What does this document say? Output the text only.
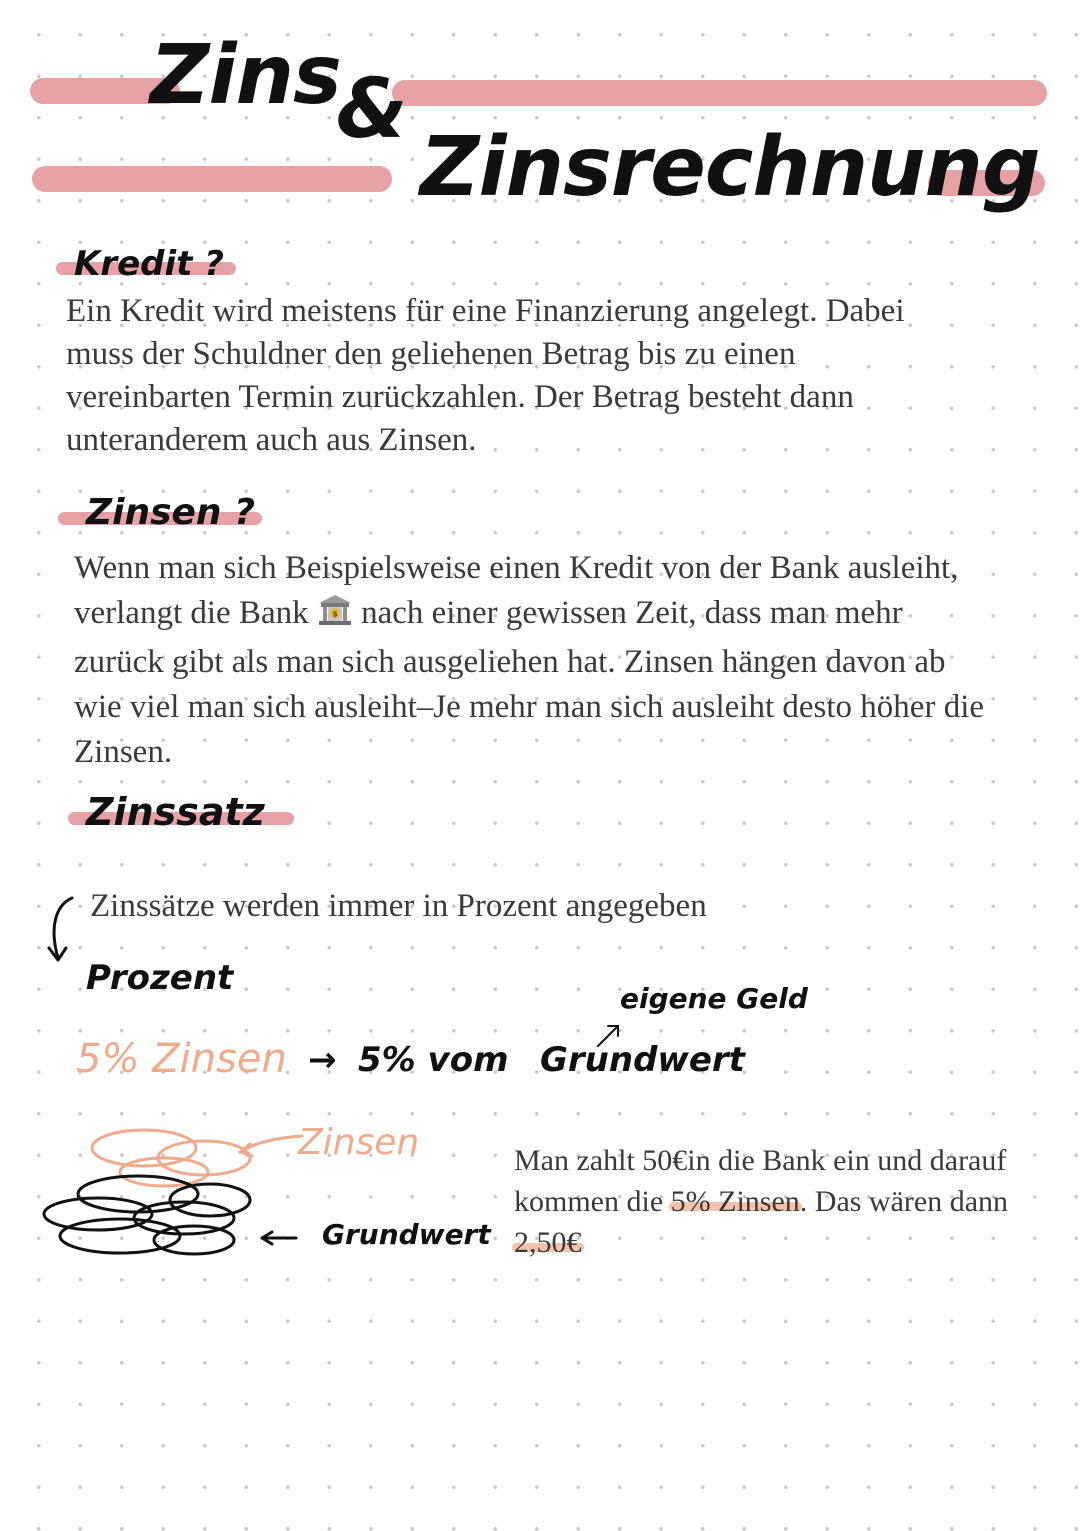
Zins
&
Zinsrechnung
Kredit ?
Ein Kredit wird meistens für eine Finanzierung angelegt. Dabei muss der Schuldner den geliehenen Betrag bis zu einen vereinbarten Termin zurückzahlen. Der Betrag besteht dann unteranderem auch aus Zinsen.
Zinsen ?
Wenn man sich Beispielsweise einen Kredit von der Bank ausleiht, verlangt die Bank	$ nach einer gewissen Zeit, dass man mehr zurück gibt als man sich ausgeliehen hat. Zinsen hängen davon ab wie viel man sich ausleiht–Je mehr man sich ausleiht desto höher die Zinsen.
Zinssatz
Zinssätze werden immer in Prozent angegeben
Prozent
eigene Geld
5% Zinsen → 5% vom Grundwert
Zinsen
Grundwert
Man zahlt 50€in die Bank ein und darauf kommen die 5% Zinsen. Das wären dann 2,50€
